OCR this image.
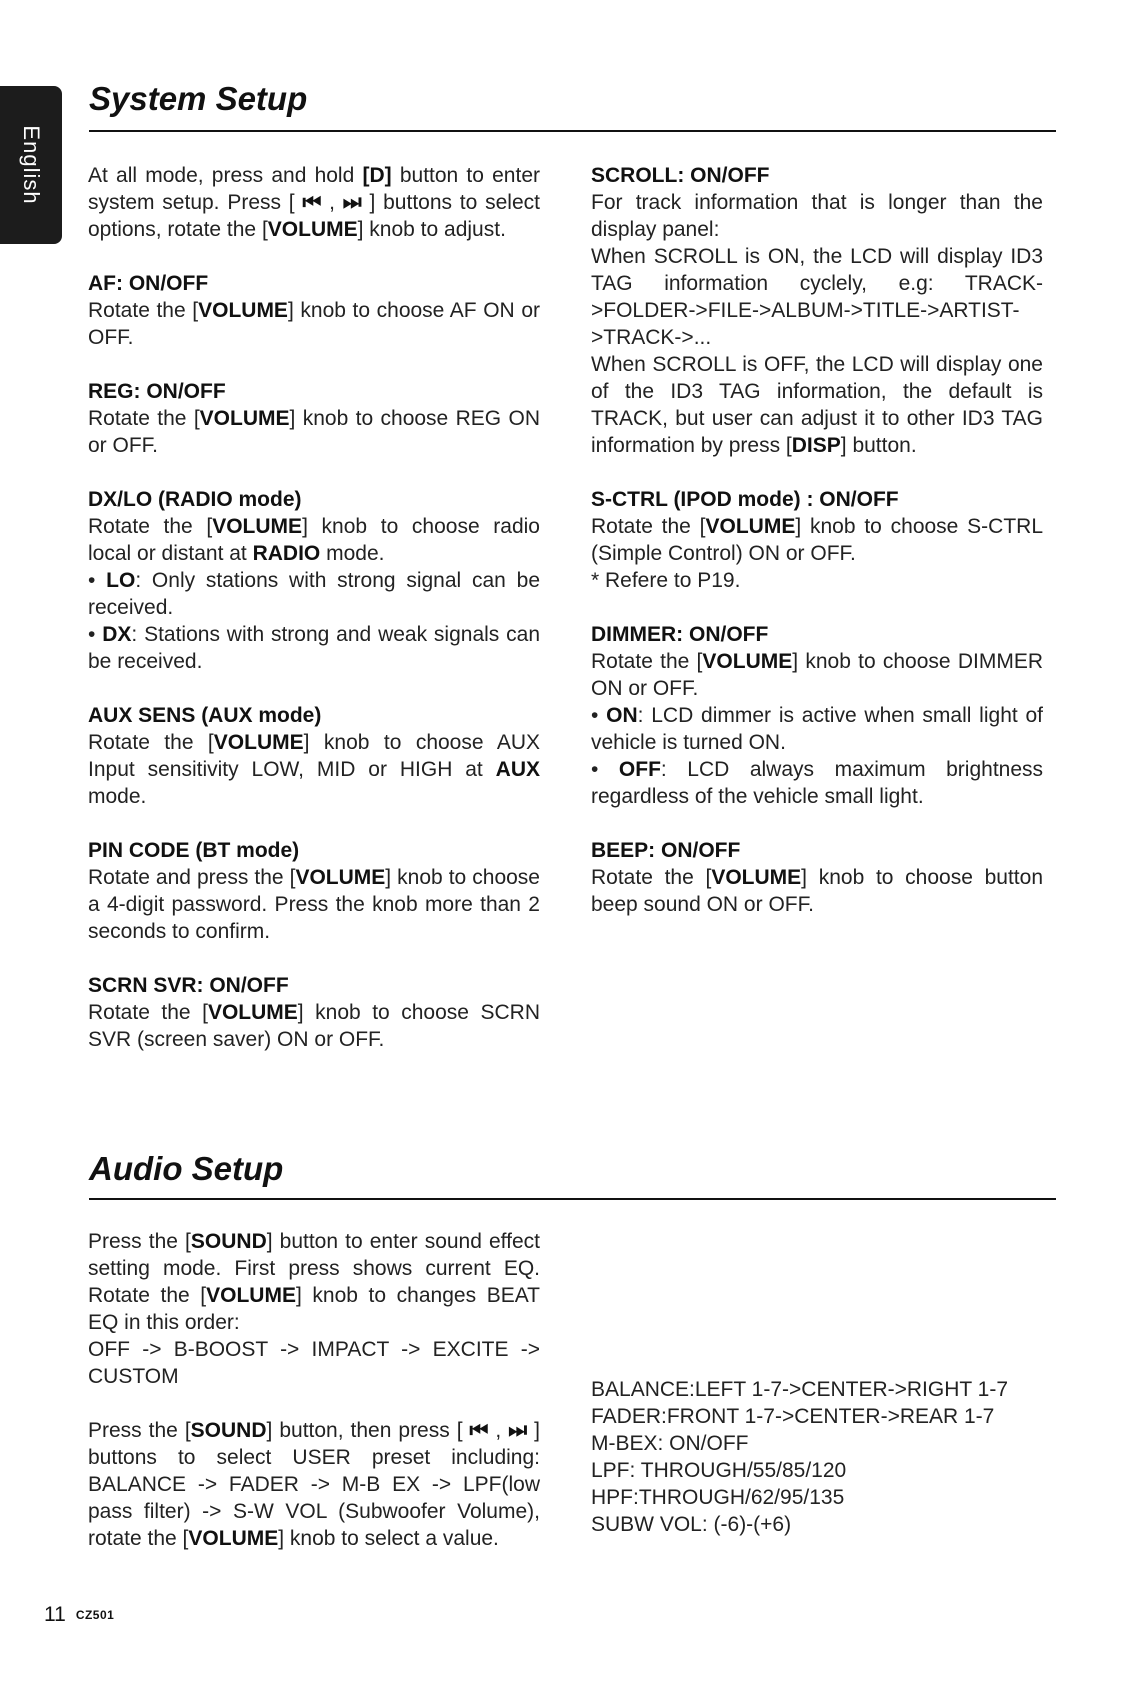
English
System Setup

At all mode, press and hold [D] button to enter system setup. Press [ ⏮ , ⏭ ] buttons to select options, rotate the [VOLUME] knob to adjust.

AF: ON/OFF
Rotate the [VOLUME] knob to choose AF ON or OFF.

REG: ON/OFF
Rotate the [VOLUME] knob to choose REG ON or OFF.

DX/LO (RADIO mode)
Rotate the [VOLUME] knob to choose radio local or distant at RADIO mode.
• LO: Only stations with strong signal can be received.
• DX: Stations with strong and weak signals can be received.

AUX SENS (AUX mode)
Rotate the [VOLUME] knob to choose AUX Input sensitivity LOW, MID or HIGH at AUX mode.

PIN CODE (BT mode)
Rotate and press the [VOLUME] knob to choose a 4-digit password. Press the knob more than 2 seconds to confirm.

SCRN SVR: ON/OFF
Rotate the [VOLUME] knob to choose SCRN SVR (screen saver) ON or OFF.

SCROLL: ON/OFF
For track information that is longer than the display panel:
When SCROLL is ON, the LCD will display ID3 TAG information cyclely, e.g: TRACK->FOLDER->FILE->ALBUM->TITLE->ARTIST->TRACK->...
When SCROLL is OFF, the LCD will display one of the ID3 TAG information, the default is TRACK, but user can adjust it to other ID3 TAG information by press [DISP] button.

S-CTRL (IPOD mode) : ON/OFF
Rotate the [VOLUME] knob to choose S-CTRL (Simple Control) ON or OFF.
* Refere to P19.

DIMMER: ON/OFF
Rotate the [VOLUME] knob to choose DIMMER ON or OFF.
• ON: LCD dimmer is active when small light of vehicle is turned ON.
• OFF: LCD always maximum brightness regardless of the vehicle small light.

BEEP: ON/OFF
Rotate the [VOLUME] knob to choose button beep sound ON or OFF.

Audio Setup

Press the [SOUND] button to enter sound effect setting mode. First press shows current EQ. Rotate the [VOLUME] knob to changes BEAT EQ in this order:
OFF -> B-BOOST -> IMPACT -> EXCITE -> CUSTOM

Press the [SOUND] button, then press [ ⏮ , ⏭ ] buttons to select USER preset including: BALANCE -> FADER -> M-B EX -> LPF(low pass filter) -> S-W VOL (Subwoofer Volume), rotate the [VOLUME] knob to select a value.

BALANCE:LEFT 1-7->CENTER->RIGHT 1-7
FADER:FRONT 1-7->CENTER->REAR 1-7
M-BEX: ON/OFF
LPF: THROUGH/55/85/120
HPF:THROUGH/62/95/135
SUBW VOL: (-6)-(+6)
11 CZ501
